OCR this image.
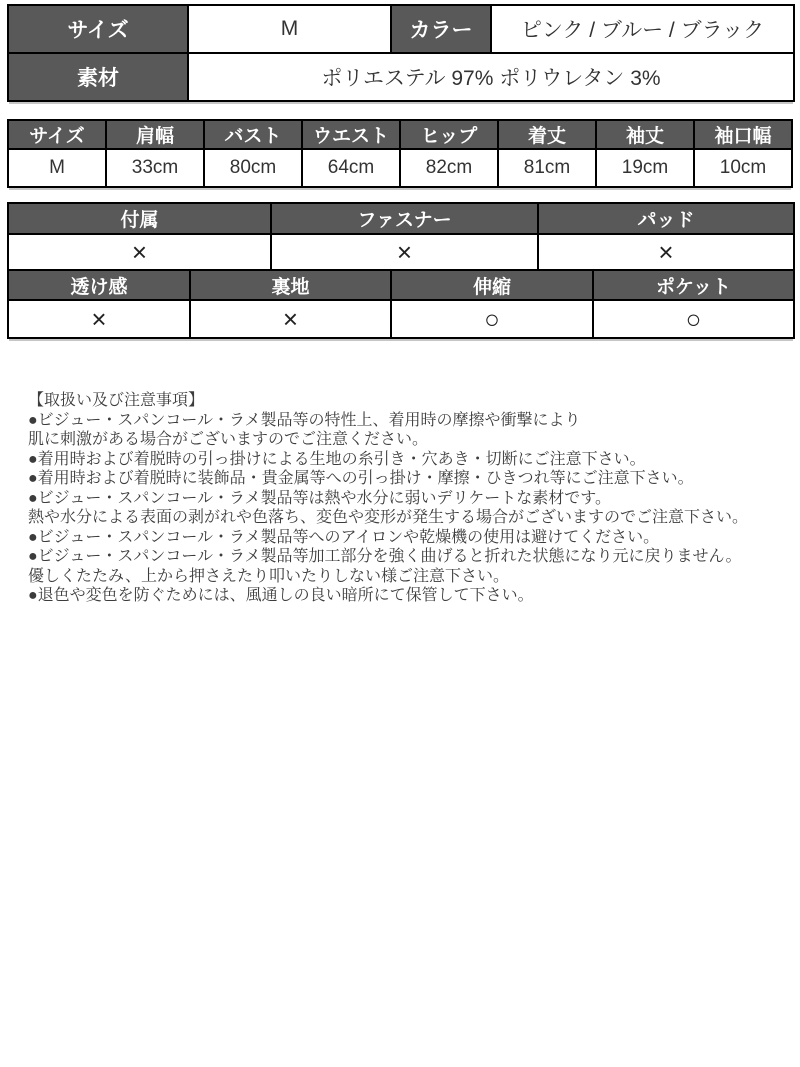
サイズ	M	カラー	ピンク / ブルー / ブラック
素材	ポリエステル 97% ポリウレタン 3%		
サイズ	肩幅	バスト	ウエスト	ヒップ	着丈	袖丈	袖口幅
M	33cm	80cm	64cm	82cm	81cm	19cm	10cm
付属	ファスナー	パッド
×	×	×
透け感	裏地	伸縮	ポケット
×	×	○	○
【取扱い及び注意事項】
●ビジュー・スパンコール・ラメ製品等の特性上、着用時の摩擦や衝撃により
肌に刺激がある場合がございますのでご注意ください。
●着用時および着脱時の引っ掛けによる生地の糸引き・穴あき・切断にご注意下さい。
●着用時および着脱時に装飾品・貴金属等への引っ掛け・摩擦・ひきつれ等にご注意下さい。
●ビジュー・スパンコール・ラメ製品等は熱や水分に弱いデリケートな素材です。
熱や水分による表面の剥がれや色落ち、変色や変形が発生する場合がございますのでご注意下さい。
●ビジュー・スパンコール・ラメ製品等へのアイロンや乾燥機の使用は避けてください。
●ビジュー・スパンコール・ラメ製品等加工部分を強く曲げると折れた状態になり元に戻りません。
優しくたたみ、上から押さえたり叩いたりしない様ご注意下さい。
●退色や変色を防ぐためには、風通しの良い暗所にて保管して下さい。
